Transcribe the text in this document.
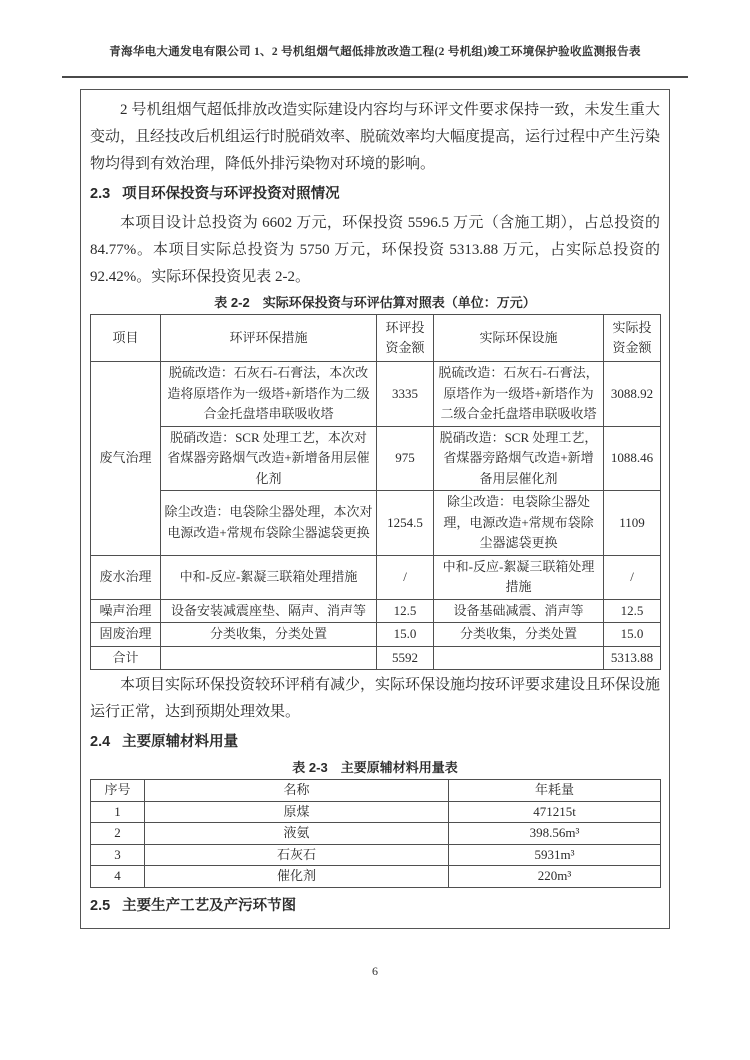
青海华电大通发电有限公司 1、2 号机组烟气超低排放改造工程(2 号机组)竣工环境保护验收监测报告表

2 号机组烟气超低排放改造实际建设内容均与环评文件要求保持一致，未发生重大变动，且经技改后机组运行时脱硝效率、脱硫效率均大幅度提高，运行过程中产生污染物均得到有效治理，降低外排污染物对环境的影响。

2.3 项目环保投资与环评投资对照情况

本项目设计总投资为 6602 万元，环保投资 5596.5 万元（含施工期），占总投资的 84.77%。本项目实际总投资为 5750 万元，环保投资 5313.88 万元，占实际总投资的 92.42%。实际环保投资见表 2-2。

表 2-2　实际环保投资与环评估算对照表（单位：万元）
项目	环评环保措施	环评投资金额	实际环保设施	实际投资金额
废气治理	脱硫改造：石灰石-石膏法，本次改造将原塔作为一级塔+新塔作为二级合金托盘塔串联吸收塔	3335	脱硫改造：石灰石-石膏法，原塔作为一级塔+新塔作为二级合金托盘塔串联吸收塔	3088.92
	脱硝改造：SCR 处理工艺，本次对省煤器旁路烟气改造+新增备用层催化剂	975	脱硝改造：SCR 处理工艺，省煤器旁路烟气改造+新增备用层催化剂	1088.46
	除尘改造：电袋除尘器处理，本次对电源改造+常规布袋除尘器滤袋更换	1254.5	除尘改造：电袋除尘器处理，电源改造+常规布袋除尘器滤袋更换	1109
废水治理	中和-反应-絮凝三联箱处理措施	/	中和-反应-絮凝三联箱处理措施	/
噪声治理	设备安装减震座垫、隔声、消声等	12.5	设备基础减震、消声等	12.5
固废治理	分类收集，分类处置	15.0	分类收集，分类处置	15.0
合计		5592		5313.88

本项目实际环保投资较环评稍有减少，实际环保设施均按环评要求建设且环保设施运行正常，达到预期处理效果。

2.4 主要原辅材料用量
表 2-3　主要原辅材料用量表
序号	名称	年耗量
1	原煤	471215t
2	液氨	398.56m³
3	石灰石	5931m³
4	催化剂	220m³
2.5 主要生产工艺及产污环节图
6
